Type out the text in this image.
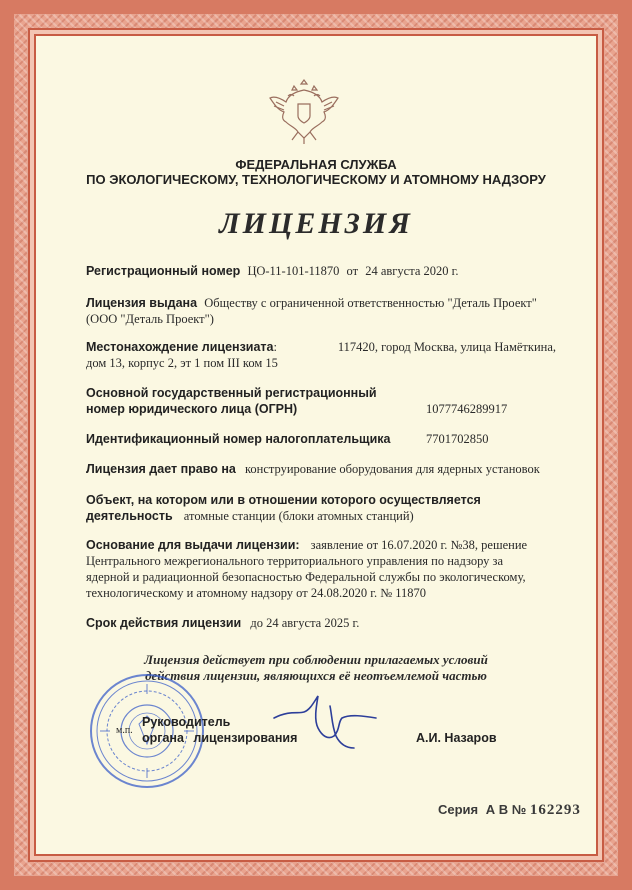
ФЕДЕРАЛЬНАЯ СЛУЖБА
ПО ЭКОЛОГИЧЕСКОМУ, ТЕХНОЛОГИЧЕСКОМУ И АТОМНОМУ НАДЗОРУ
ЛИЦЕНЗИЯ
Регистрационный номер ЦО-11-101-11870 от 24 августа 2020 г.
Лицензия выдана Обществу с ограниченной ответственностью "Деталь Проект"
(ООО "Деталь Проект")
Местонахождение лицензиата:	117420, город Москва, улица Намёткина,
дом 13, корпус 2, эт 1 пом III ком 15
Основной государственный регистрационный
номер юридического лица (ОГРН)	1077746289917
Идентификационный номер налогоплательщика	7701702850
Лицензия дает право на конструирование оборудования для ядерных установок
Объект, на котором или в отношении которого осуществляется
деятельность атомные станции (блоки атомных станций)
Основание для выдачи лицензии: заявление от 16.07.2020 г. №38, решение
Центрального межрегионального территориального управления по надзору за
ядерной и радиационной безопасностью Федеральной службы по экологическому,
технологическому и атомному надзору от 24.08.2020 г. № 11870
Срок действия лицензии до 24 августа 2025 г.
Лицензия действует при соблюдении прилагаемых условий
действия лицензии, являющихся её неотъемлемой частью
м.п.
Руководитель
органа лицензирования	А.И. Назаров
Серия А В № 162293
